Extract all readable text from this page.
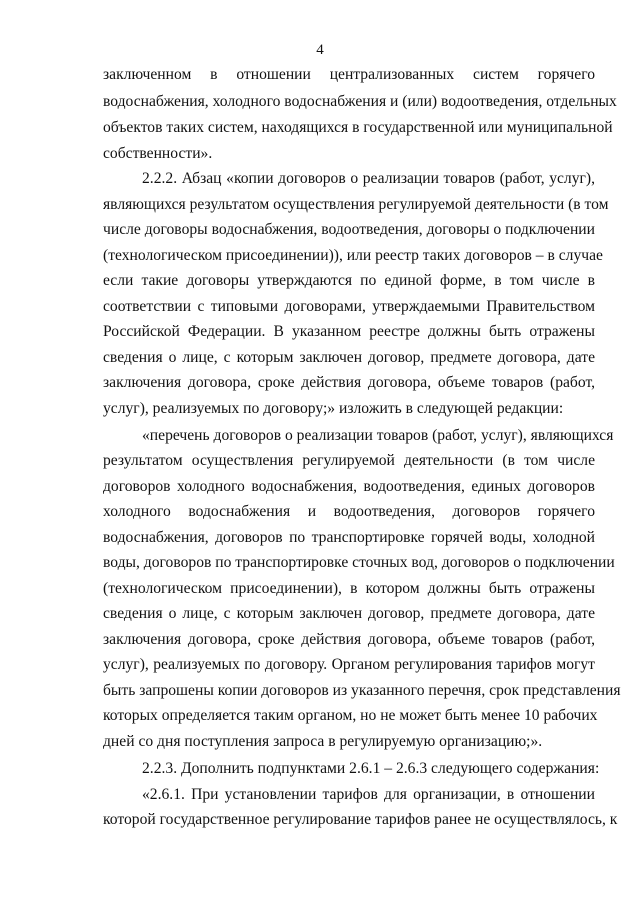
4
заключенном в отношении централизованных систем горячего
водоснабжения, холодного водоснабжения и (или) водоотведения, отдельных
объектов таких систем, находящихся в государственной или муниципальной
собственности».
2.2.2. Абзац «копии договоров о реализации товаров (работ, услуг),
являющихся результатом осуществления регулируемой деятельности (в том
числе договоры водоснабжения, водоотведения, договоры о подключении
(технологическом присоединении)), или реестр таких договоров – в случае
если такие договоры утверждаются по единой форме, в том числе в
соответствии с типовыми договорами, утверждаемыми Правительством
Российской Федерации. В указанном реестре должны быть отражены
сведения о лице, с которым заключен договор, предмете договора, дате
заключения договора, сроке действия договора, объеме товаров (работ,
услуг), реализуемых по договору;» изложить в следующей редакции:
«перечень договоров о реализации товаров (работ, услуг), являющихся
результатом осуществления регулируемой деятельности (в том числе
договоров холодного водоснабжения, водоотведения, единых договоров
холодного водоснабжения и водоотведения, договоров горячего
водоснабжения, договоров по транспортировке горячей воды, холодной
воды, договоров по транспортировке сточных вод, договоров о подключении
(технологическом присоединении), в котором должны быть отражены
сведения о лице, с которым заключен договор, предмете договора, дате
заключения договора, сроке действия договора, объеме товаров (работ,
услуг), реализуемых по договору. Органом регулирования тарифов могут
быть запрошены копии договоров из указанного перечня, срок представления
которых определяется таким органом, но не может быть менее 10 рабочих
дней со дня поступления запроса в регулируемую организацию;».
2.2.3. Дополнить подпунктами 2.6.1 – 2.6.3 следующего содержания:
«2.6.1. При установлении тарифов для организации, в отношении
которой государственное регулирование тарифов ранее не осуществлялось, к
